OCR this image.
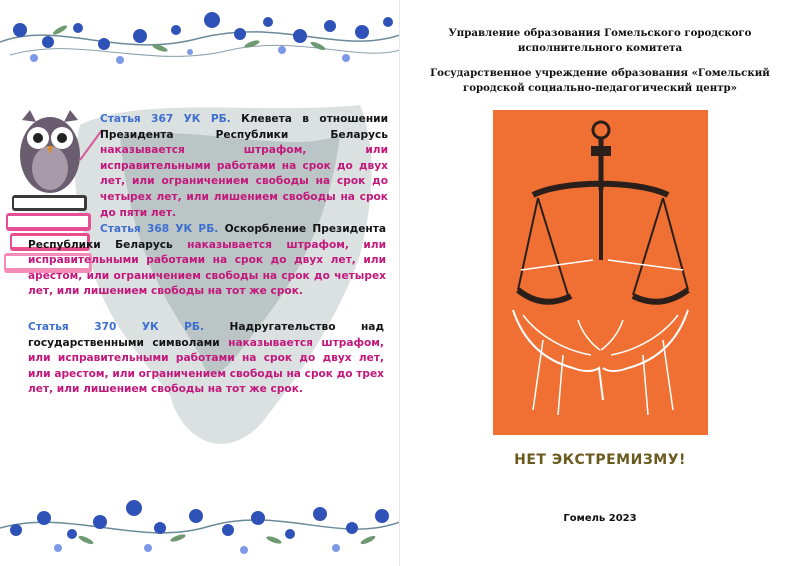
Статья 367 УК РБ. Клевета в отношении Президента Республики Беларусь наказывается штрафом, или исправительными работами на срок до двух лет, или ограничением свободы на срок до четырех лет, или лишением свободы на срок до пяти лет.
Статья 368 УК РБ. Оскорбление Президента Республики Беларусь наказывается штрафом, или исправительными работами на срок до двух лет, или арестом, или ограничением свободы на срок до четырех лет, или лишением свободы на тот же срок.
Статья 370 УК РБ. Надругательство над государственными символами наказывается штрафом, или исправительными работами на срок до двух лет, или арестом, или ограничением свободы на срок до трех лет, или лишением свободы на тот же срок.
Управление образования Гомельского городского исполнительного комитета
Государственное учреждение образования «Гомельский городской социально-педагогический центр»
НЕТ ЭКСТРЕМИЗМУ!
Гомель 2023
